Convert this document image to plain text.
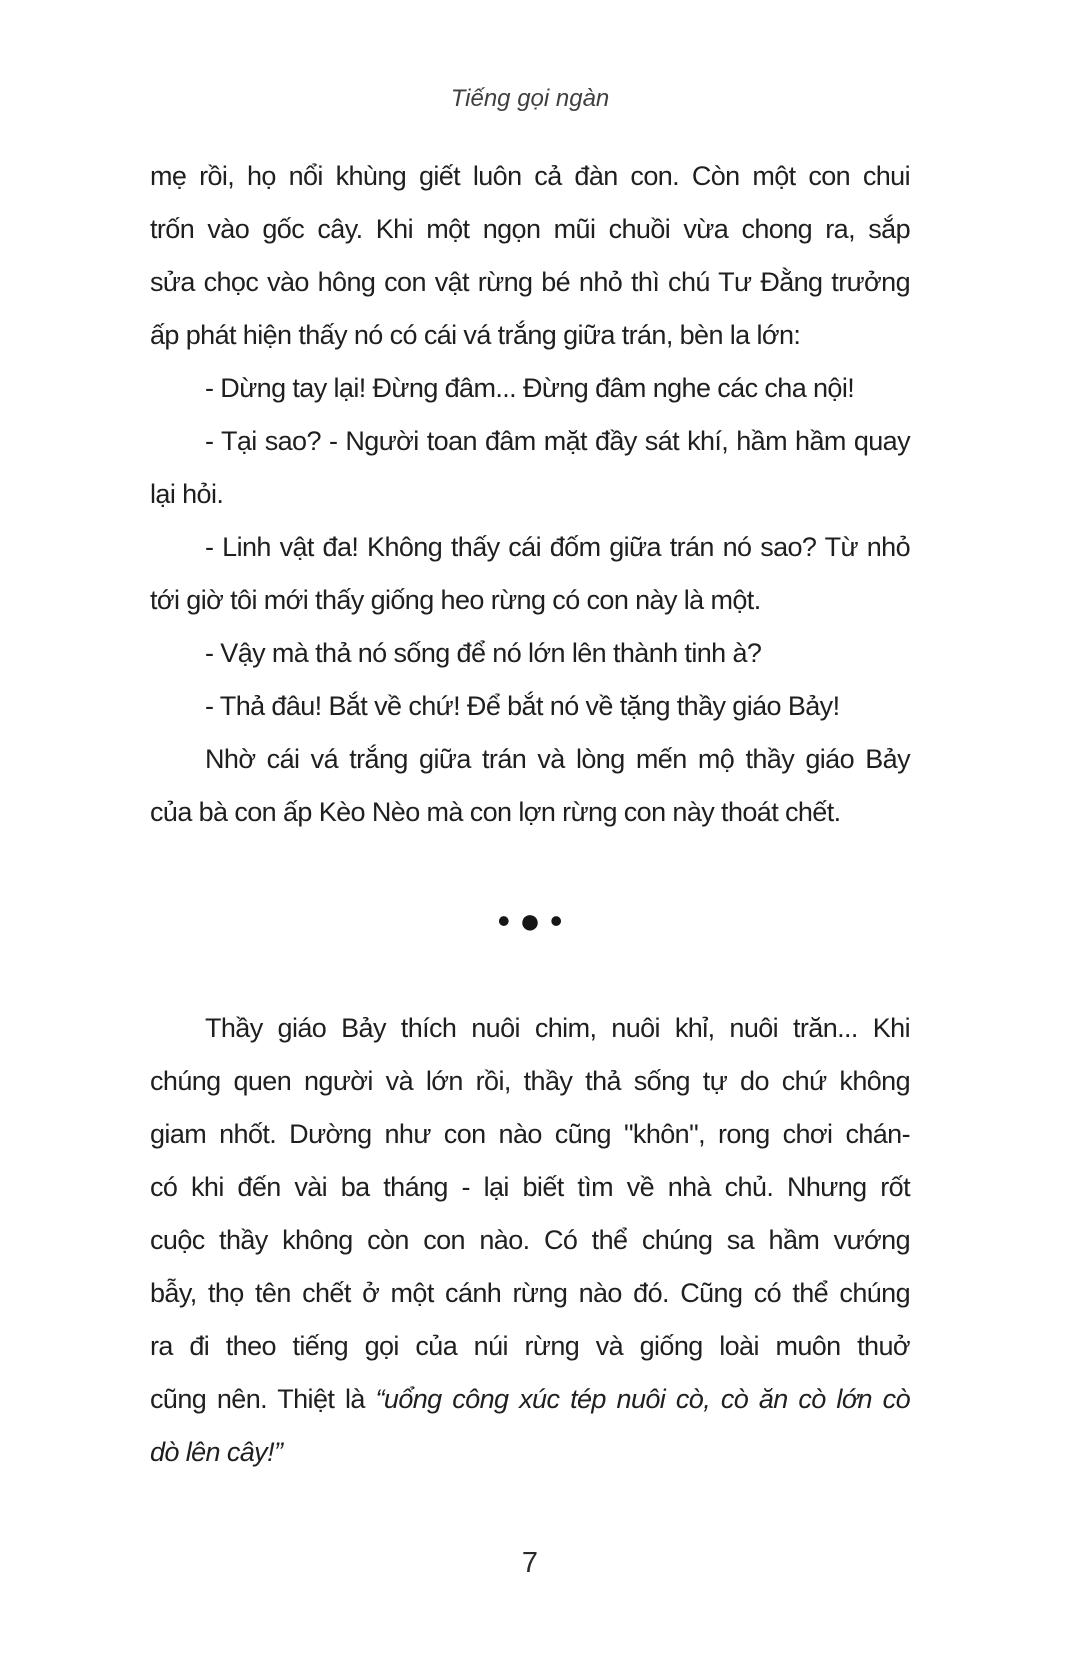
Tiếng gọi ngàn
mẹ rồi, họ nổi khùng giết luôn cả đàn con. Còn một con chui
trốn vào gốc cây. Khi một ngọn mũi chuồi vừa chong ra, sắp
sửa chọc vào hông con vật rừng bé nhỏ thì chú Tư Đằng trưởng
ấp phát hiện thấy nó có cái vá trắng giữa trán, bèn la lớn:
- Dừng tay lại! Đừng đâm... Đừng đâm nghe các cha nội!
- Tại sao? - Người toan đâm mặt đầy sát khí, hầm hầm quay
lại hỏi.
- Linh vật đa! Không thấy cái đốm giữa trán nó sao? Từ nhỏ
tới giờ tôi mới thấy giống heo rừng có con này là một.
- Vậy mà thả nó sống để nó lớn lên thành tinh à?
- Thả đâu! Bắt về chứ! Để bắt nó về tặng thầy giáo Bảy!
Nhờ cái vá trắng giữa trán và lòng mến mộ thầy giáo Bảy
của bà con ấp Kèo Nèo mà con lợn rừng con này thoát chết.
•●•
Thầy giáo Bảy thích nuôi chim, nuôi khỉ, nuôi trăn... Khi
chúng quen người và lớn rồi, thầy thả sống tự do chứ không
giam nhốt. Dường như con nào cũng "khôn", rong chơi chán-
có khi đến vài ba tháng - lại biết tìm về nhà chủ. Nhưng rốt
cuộc thầy không còn con nào. Có thể chúng sa hầm vướng
bẫy, thọ tên chết ở một cánh rừng nào đó. Cũng có thể chúng
ra đi theo tiếng gọi của núi rừng và giống loài muôn thuở
cũng nên. Thiệt là “uổng công xúc tép nuôi cò, cò ăn cò lớn cò
dò lên cây!”
7
